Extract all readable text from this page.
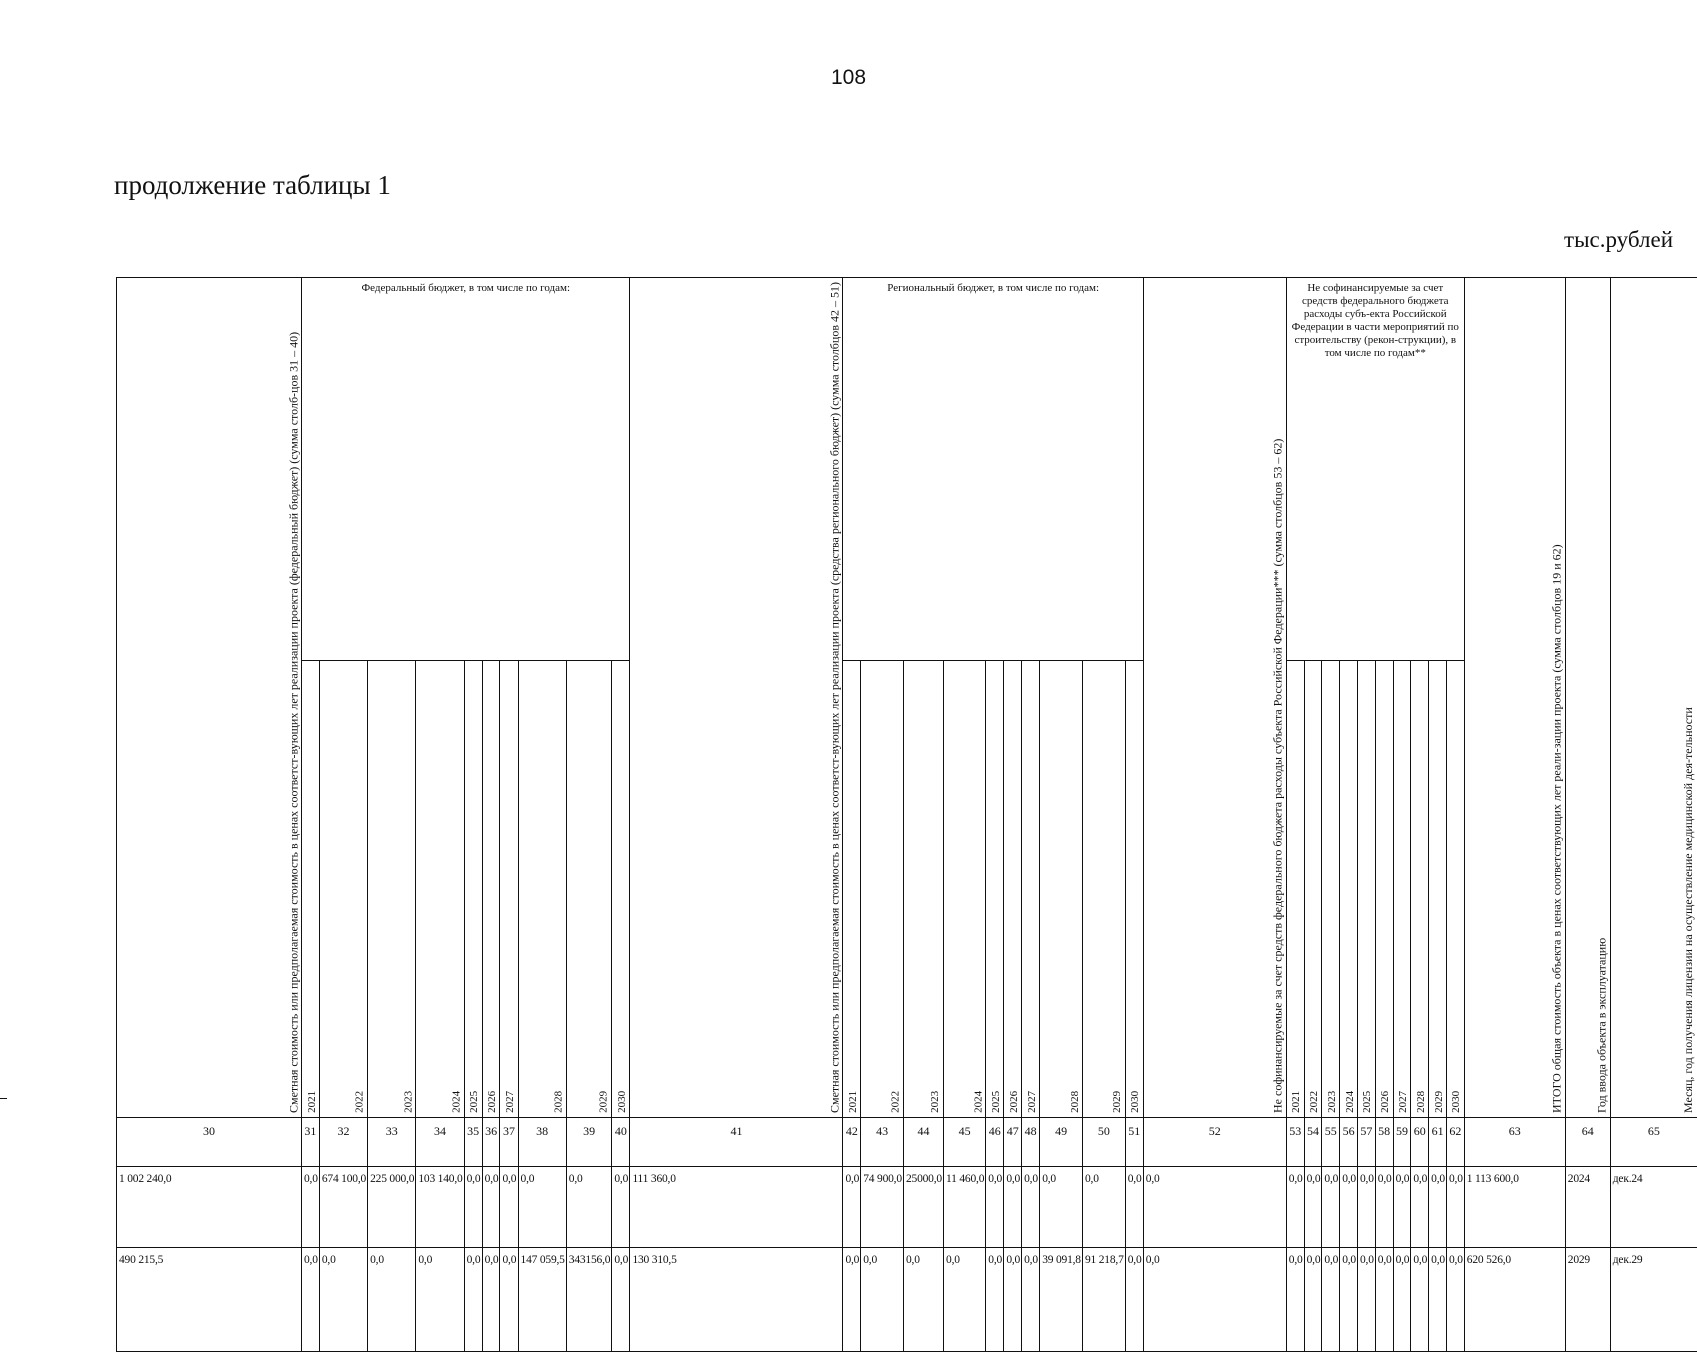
108
продолжение таблицы 1
тыс.рублей
Сметная стоимость или предполагаемая стоимость в ценах соответст-вующих лет реализации проекта (федеральный бюджет) (сумма столб-цов 31 – 40)	Федеральный бюджет, в том числе по годам:										Сметная стоимость или предполагаемая стоимость в ценах соответст-вующих лет реализации проекта (средства регионального бюджет) (сумма столбцов 42 – 51)	Региональный бюджет, в том числе по годам:										Не софинансируемые за счет средств федерального бюджета расходы субъекта Российской Федерации*** (сумма столбцов 53 – 62)	Не софинансируемые за счет средств федерального бюджета расходы субъ-екта Российской Федерации в части мероприятий по строительству (рекон-струкции), в том числе по годам**										ИТОГО общая стоимость объекта в ценах соответствующих лет реали-зации проекта (сумма столбцов 19 и 62)	Год ввода объекта в эксплуатацию	Месяц, год получения лицензии на осуществление медицинской дея-тельности
	2021	2022	2023	2024	2025	2026	2027	2028	2029	2030		2021	2022	2023	2024	2025	2026	2027	2028	2029	2030		2021	2022	2023	2024	2025	2026	2027	2028	2029	2030			
30	31	32	33	34	35	36	37	38	39	40	41	42	43	44	45	46	47	48	49	50	51	52	53	54	55	56	57	58	59	60	61	62	63	64	65
1 002 240,0	0,0	674 100,0	225 000,0	103 140,0	0,0	0,0	0,0	0,0	0,0	0,0	111 360,0	0,0	74 900,0	25000,0	11 460,0	0,0	0,0	0,0	0,0	0,0	0,0	0,0	0,0	0,0	0,0	0,0	0,0	0,0	0,0	0,0	0,0	0,0	1 113 600,0	2024	дек.24
490 215,5	0,0	0,0	0,0	0,0	0,0	0,0	0,0	147 059,5	343156,0	0,0	130 310,5	0,0	0,0	0,0	0,0	0,0	0,0	0,0	39 091,8	91 218,7	0,0	0,0	0,0	0,0	0,0	0,0	0,0	0,0	0,0	0,0	0,0	0,0	620 526,0	2029	дек.29
